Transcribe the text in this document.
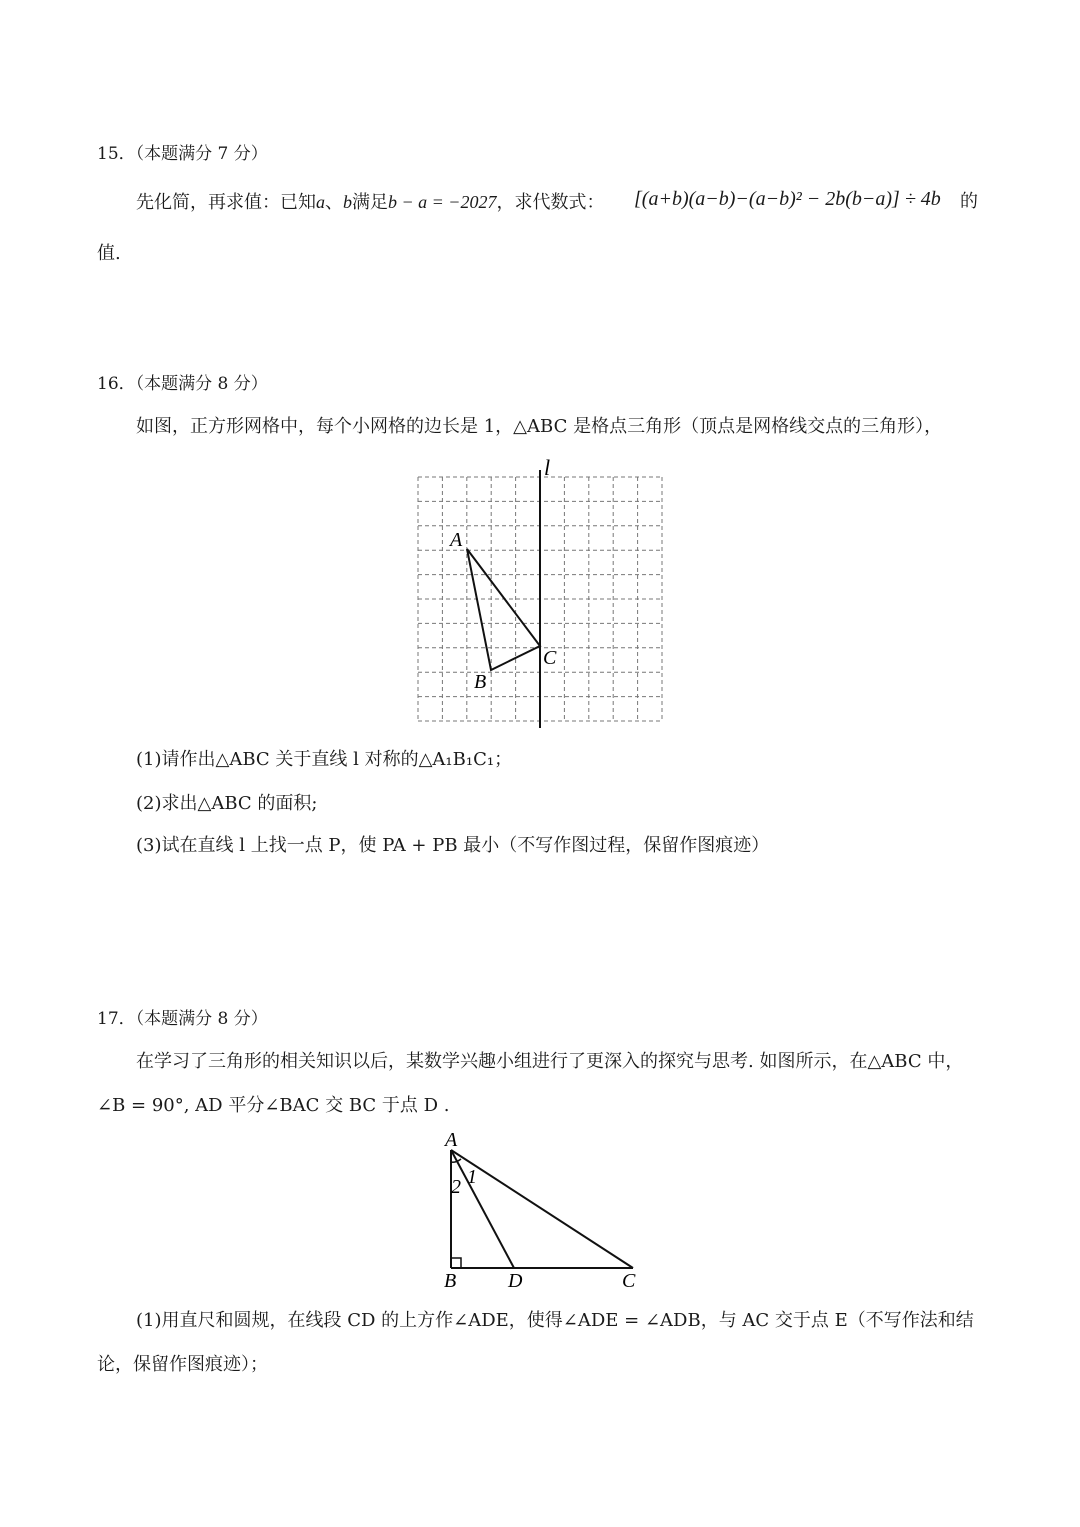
15．（本题满分 7 分）
先化简，再求值：已知a、b满足b − a = −2027，求代数式： [(a+b)(a−b)−(a−b)² − 2b(b−a)] ÷ 4b 的
值.
16．（本题满分 8 分）
如图，正方形网格中，每个小网格的边长是 1，△ABC 是格点三角形（顶点是网格线交点的三角形），
l
A
B
C
(1)请作出△ABC 关于直线 l 对称的△A₁B₁C₁；
(2)求出△ABC 的面积;
(3)试在直线 l 上找一点 P，使 PA + PB 最小（不写作图过程，保留作图痕迹）
17．（本题满分 8 分）
在学习了三角形的相关知识以后，某数学兴趣小组进行了更深入的探究与思考. 如图所示，在△ABC 中，
∠B = 90°, AD 平分∠BAC 交 BC 于点 D .
A
1
2
B	D	C
(1)用直尺和圆规，在线段 CD 的上方作∠ADE，使得∠ADE = ∠ADB，与 AC 交于点 E（不写作法和结
论，保留作图痕迹）；
